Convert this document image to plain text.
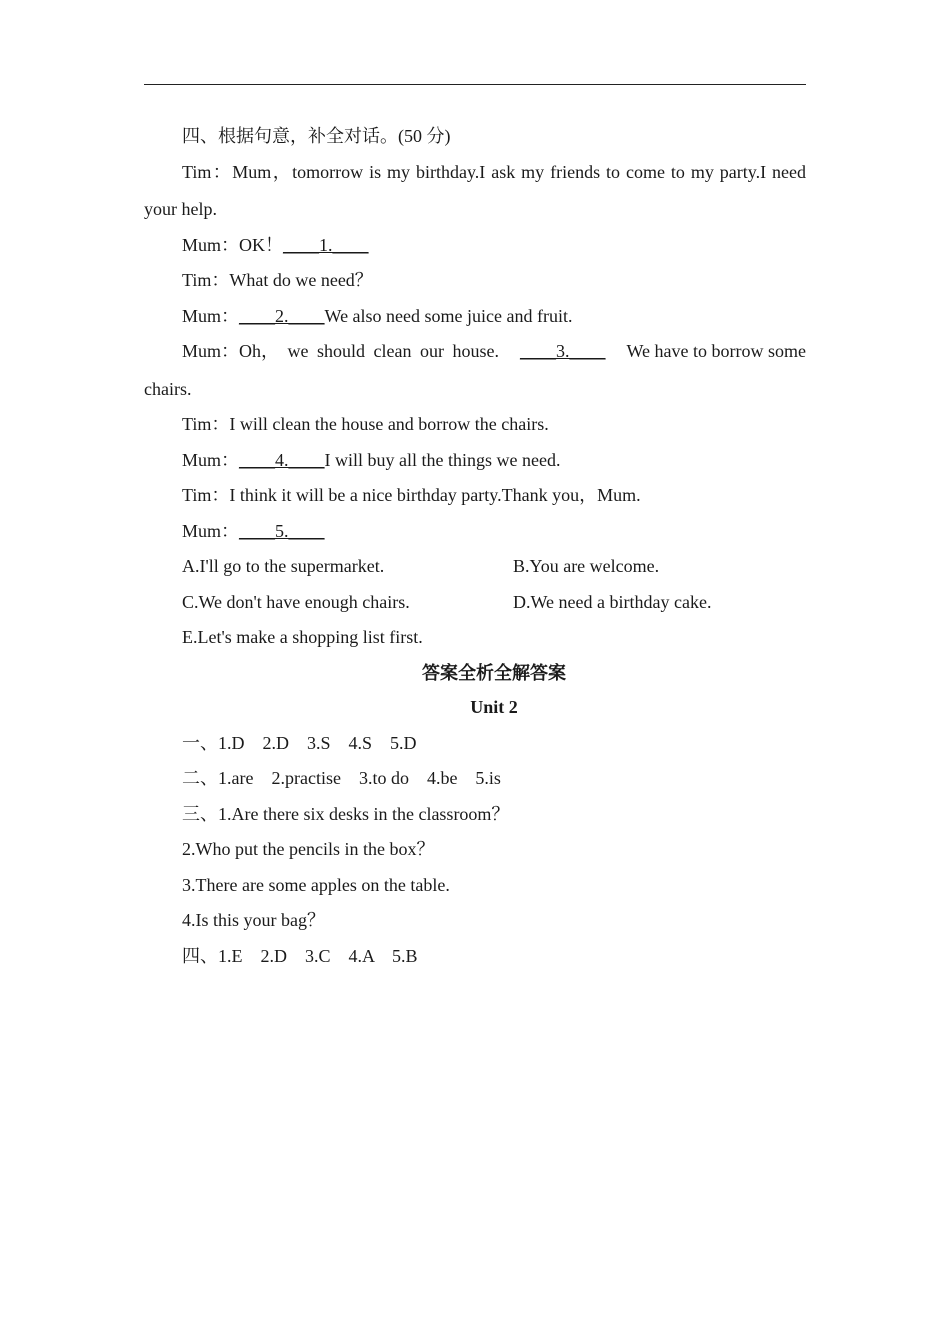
四、根据句意，补全对话。(50 分)
Tim：Mum，tomorrow is my birthday.I ask my friends to come to my party.I need
your help.
Mum：OK！____1.____
Tim：What do we need？
Mum：____2.____We also need some juice and fruit.
Mum：Oh， we should clean our house. ____3.____ We have to borrow some
chairs.
Tim：I will clean the house and borrow the chairs.
Mum：____4.____I will buy all the things we need.
Tim：I think it will be a nice birthday party.Thank you，Mum.
Mum：____5.____
A.I'll go to the supermarket.	B.You are welcome.
C.We don't have enough chairs.	D.We need a birthday cake.
E.Let's make a shopping list first.
答案全析全解答案
Unit 2
一、1.D　2.D　3.S　4.S　5.D
二、1.are　2.practise　3.to do　4.be　5.is
三、1.Are there six desks in the classroom？
2.Who put the pencils in the box？
3.There are some apples on the table.
4.Is this your bag？
四、1.E　2.D　3.C　4.A　5.B
